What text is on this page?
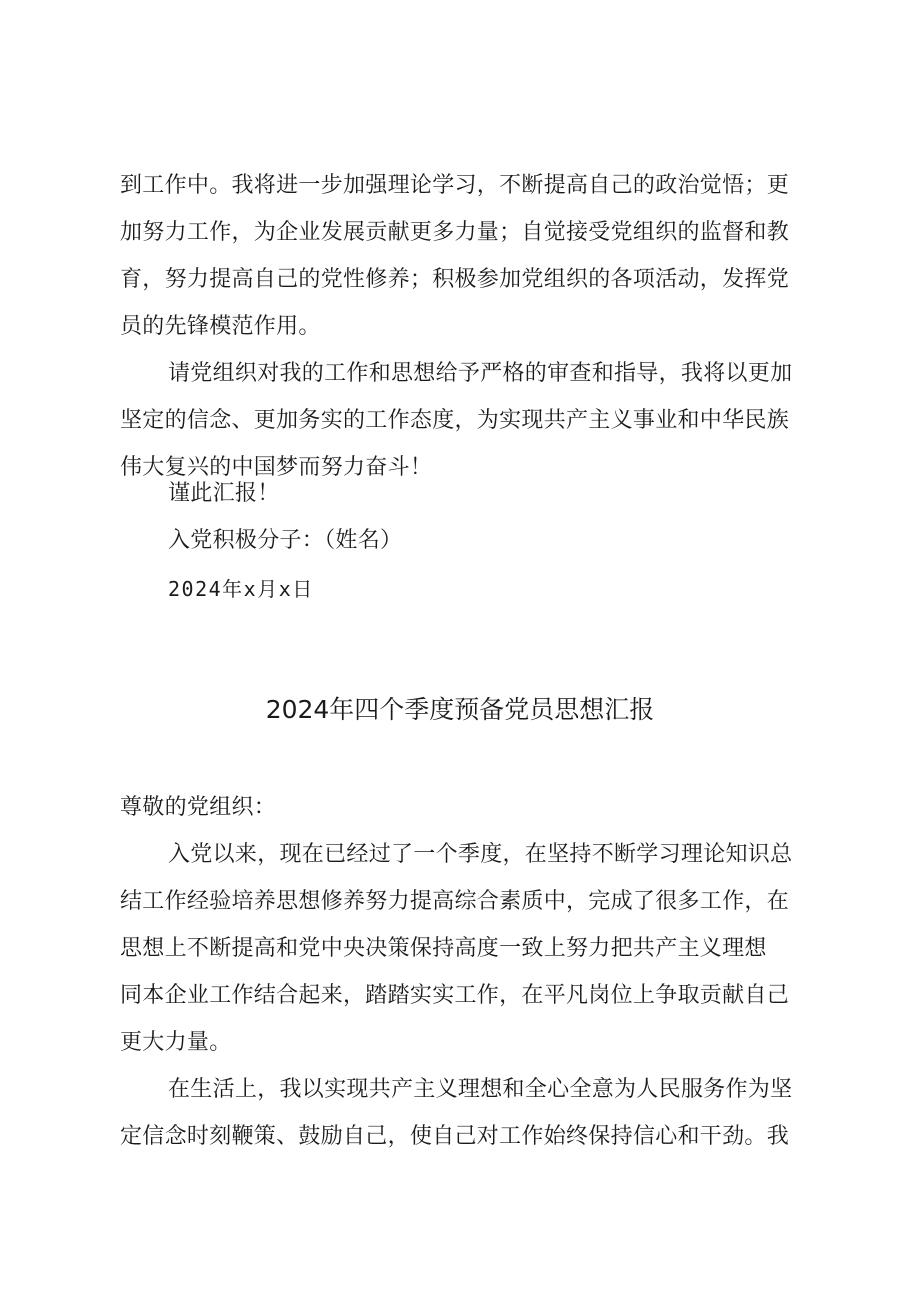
到工作中。我将进一步加强理论学习，不断提高自己的政治觉悟；更
加努力工作，为企业发展贡献更多力量；自觉接受党组织的监督和教
育，努力提高自己的党性修养；积极参加党组织的各项活动，发挥党
员的先锋模范作用。
请党组织对我的工作和思想给予严格的审查和指导，我将以更加
坚定的信念、更加务实的工作态度，为实现共产主义事业和中华民族
伟大复兴的中国梦而努力奋斗！
谨此汇报！
入党积极分子：（姓名）
2024年x月x日
2024年四个季度预备党员思想汇报
尊敬的党组织：
入党以来，现在已经过了一个季度，在坚持不断学习理论知识总
结工作经验培养思想修养努力提高综合素质中，完成了很多工作，在
思想上不断提高和党中央决策保持高度一致上努力把共产主义理想
同本企业工作结合起来，踏踏实实工作，在平凡岗位上争取贡献自己
更大力量。
在生活上，我以实现共产主义理想和全心全意为人民服务作为坚
定信念时刻鞭策、鼓励自己，使自己对工作始终保持信心和干劲。我
